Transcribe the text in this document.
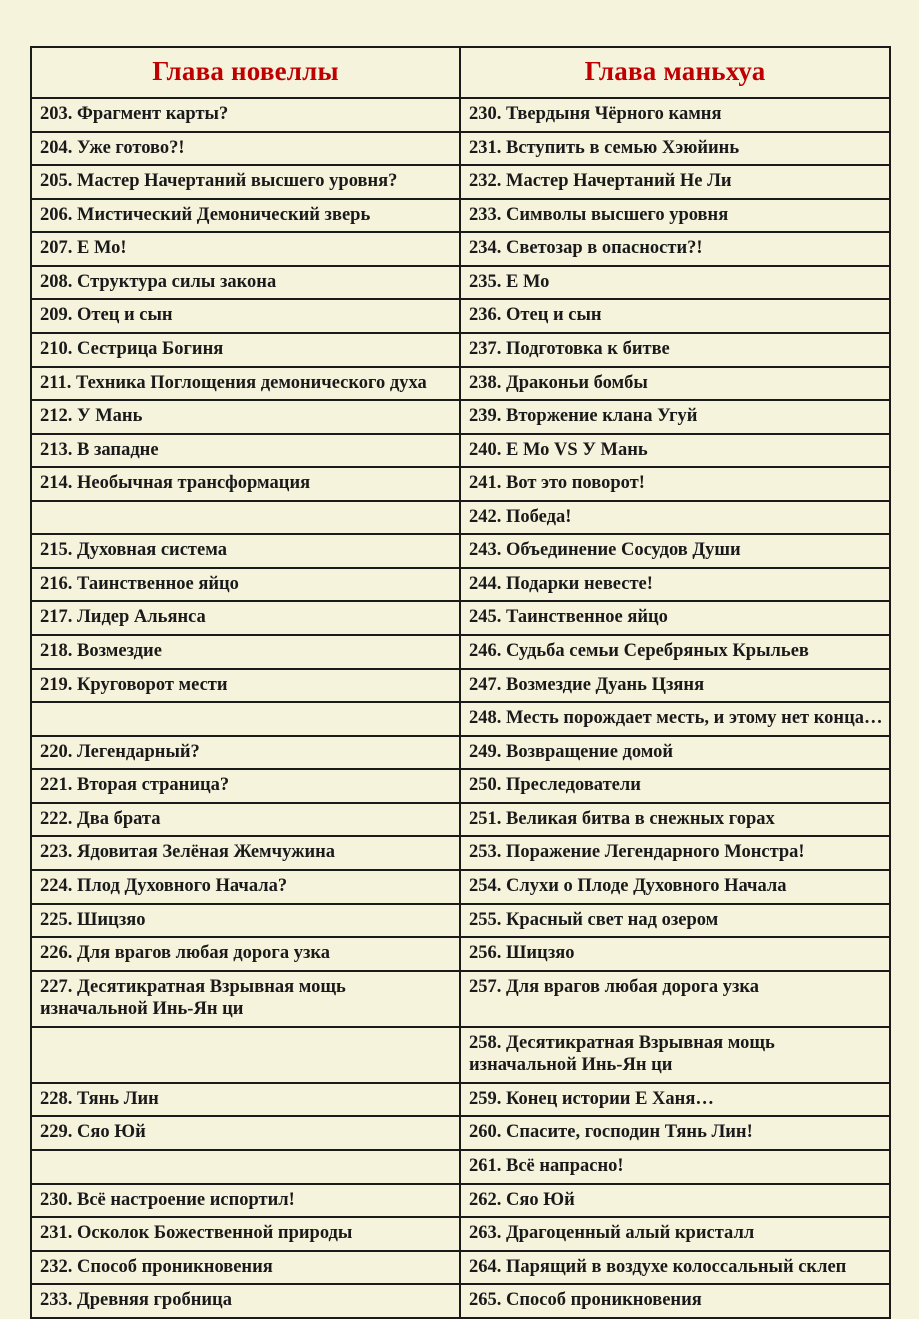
Глава новеллы	Глава маньхуа
203. Фрагмент карты?	230. Твердыня Чёрного камня
204. Уже готово?!	231. Вступить в семью Хэюйинь
205. Мастер Начертаний высшего уровня?	232. Мастер Начертаний Не Ли
206. Мистический Демонический зверь	233. Символы высшего уровня
207. Е Мо!	234. Светозар в опасности?!
208. Структура силы закона	235. Е Мо
209. Отец и сын	236. Отец и сын
210. Сестрица Богиня	237. Подготовка к битве
211. Техника Поглощения демонического духа	238. Драконьи бомбы
212. У Мань	239. Вторжение клана Угуй
213. В западне	240. Е Мо VS У Мань
214. Необычная трансформация	241. Вот это поворот!
	242. Победа!
215. Духовная система	243. Объединение Сосудов Души
216. Таинственное яйцо	244. Подарки невесте!
217. Лидер Альянса	245. Таинственное яйцо
218. Возмездие	246. Судьба семьи Серебряных Крыльев
219. Круговорот мести	247. Возмездие Дуань Цзяня
	248. Месть порождает месть, и этому нет конца…
220. Легендарный?	249. Возвращение домой
221. Вторая страница?	250. Преследователи
222. Два брата	251. Великая битва в снежных горах
223. Ядовитая Зелёная Жемчужина	253. Поражение Легендарного Монстра!
224. Плод Духовного Начала?	254. Слухи о Плоде Духовного Начала
225. Шицзяо	255. Красный свет над озером
226. Для врагов любая дорога узка	256. Шицзяо
227. Десятикратная Взрывная мощь изначальной Инь-Ян ци	257. Для врагов любая дорога узка
	258. Десятикратная Взрывная мощь изначальной Инь-Ян ци
228. Тянь Лин	259. Конец истории Е Ханя…
229. Сяо Юй	260. Спасите, господин Тянь Лин!
	261. Всё напрасно!
230. Всё настроение испортил!	262. Сяо Юй
231. Осколок Божественной природы	263. Драгоценный алый кристалл
232. Способ проникновения	264. Парящий в воздухе колоссальный склеп
233. Древняя гробница	265. Способ проникновения
